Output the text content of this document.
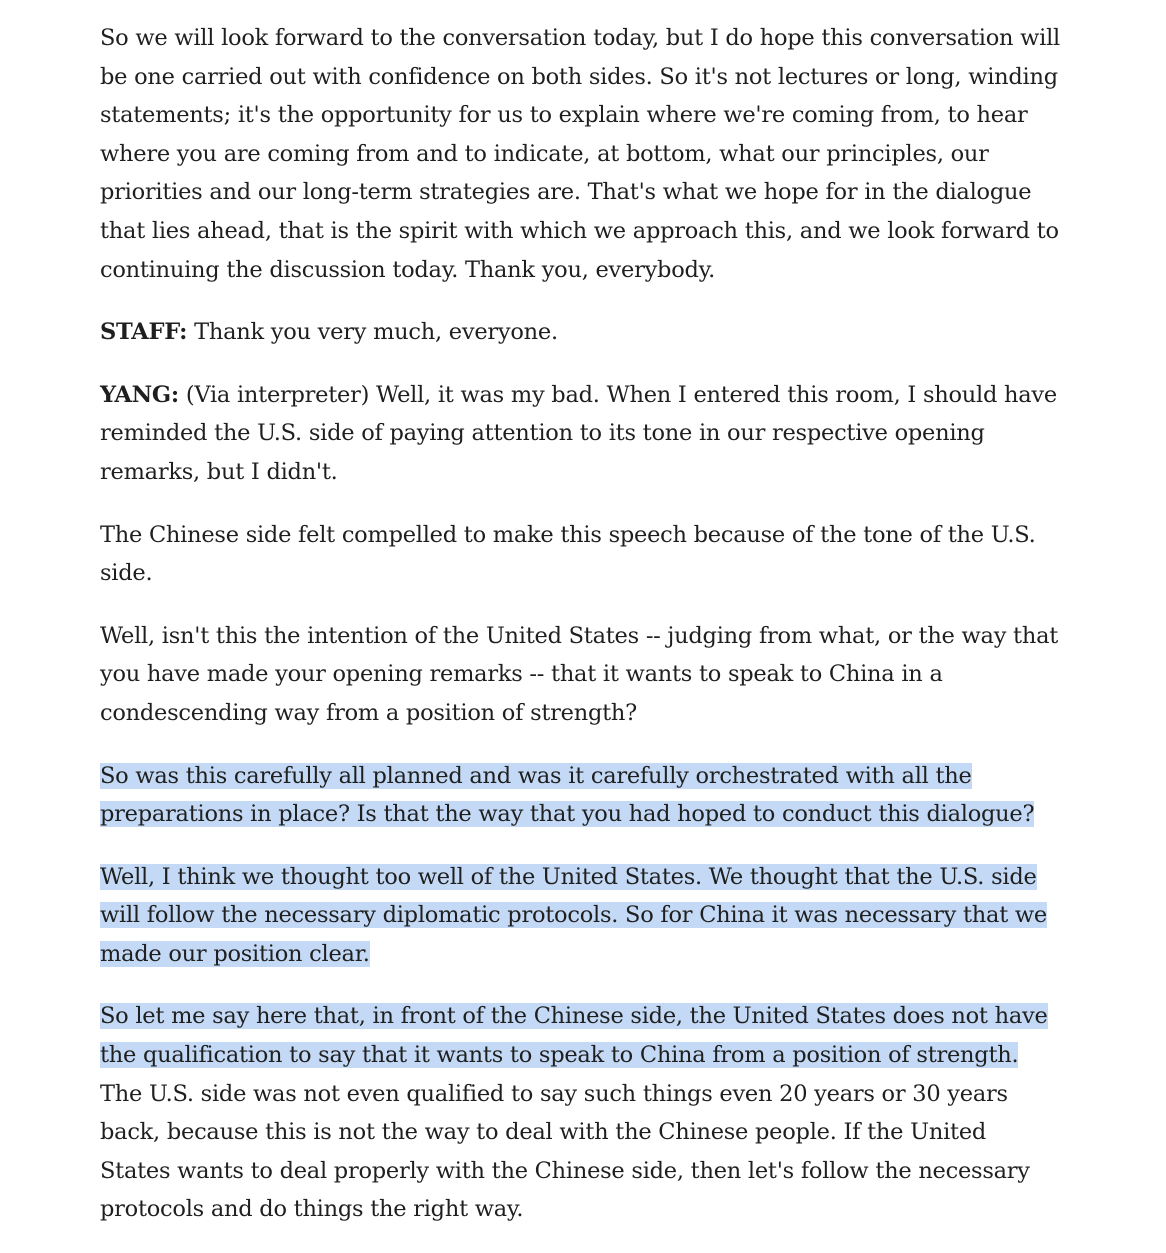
So we will look forward to the conversation today, but I do hope this conversation will be one carried out with confidence on both sides. So it's not lectures or long, winding statements; it's the opportunity for us to explain where we're coming from, to hear where you are coming from and to indicate, at bottom, what our principles, our priorities and our long-term strategies are. That's what we hope for in the dialogue that lies ahead, that is the spirit with which we approach this, and we look forward to continuing the discussion today. Thank you, everybody.

STAFF: Thank you very much, everyone.

YANG: (Via interpreter) Well, it was my bad. When I entered this room, I should have reminded the U.S. side of paying attention to its tone in our respective opening remarks, but I didn't.

The Chinese side felt compelled to make this speech because of the tone of the U.S. side.

Well, isn't this the intention of the United States -- judging from what, or the way that you have made your opening remarks -- that it wants to speak to China in a condescending way from a position of strength?

So was this carefully all planned and was it carefully orchestrated with all the preparations in place? Is that the way that you had hoped to conduct this dialogue?

Well, I think we thought too well of the United States. We thought that the U.S. side will follow the necessary diplomatic protocols. So for China it was necessary that we made our position clear.

So let me say here that, in front of the Chinese side, the United States does not have the qualification to say that it wants to speak to China from a position of strength. The U.S. side was not even qualified to say such things even 20 years or 30 years back, because this is not the way to deal with the Chinese people. If the United States wants to deal properly with the Chinese side, then let's follow the necessary protocols and do things the right way.
